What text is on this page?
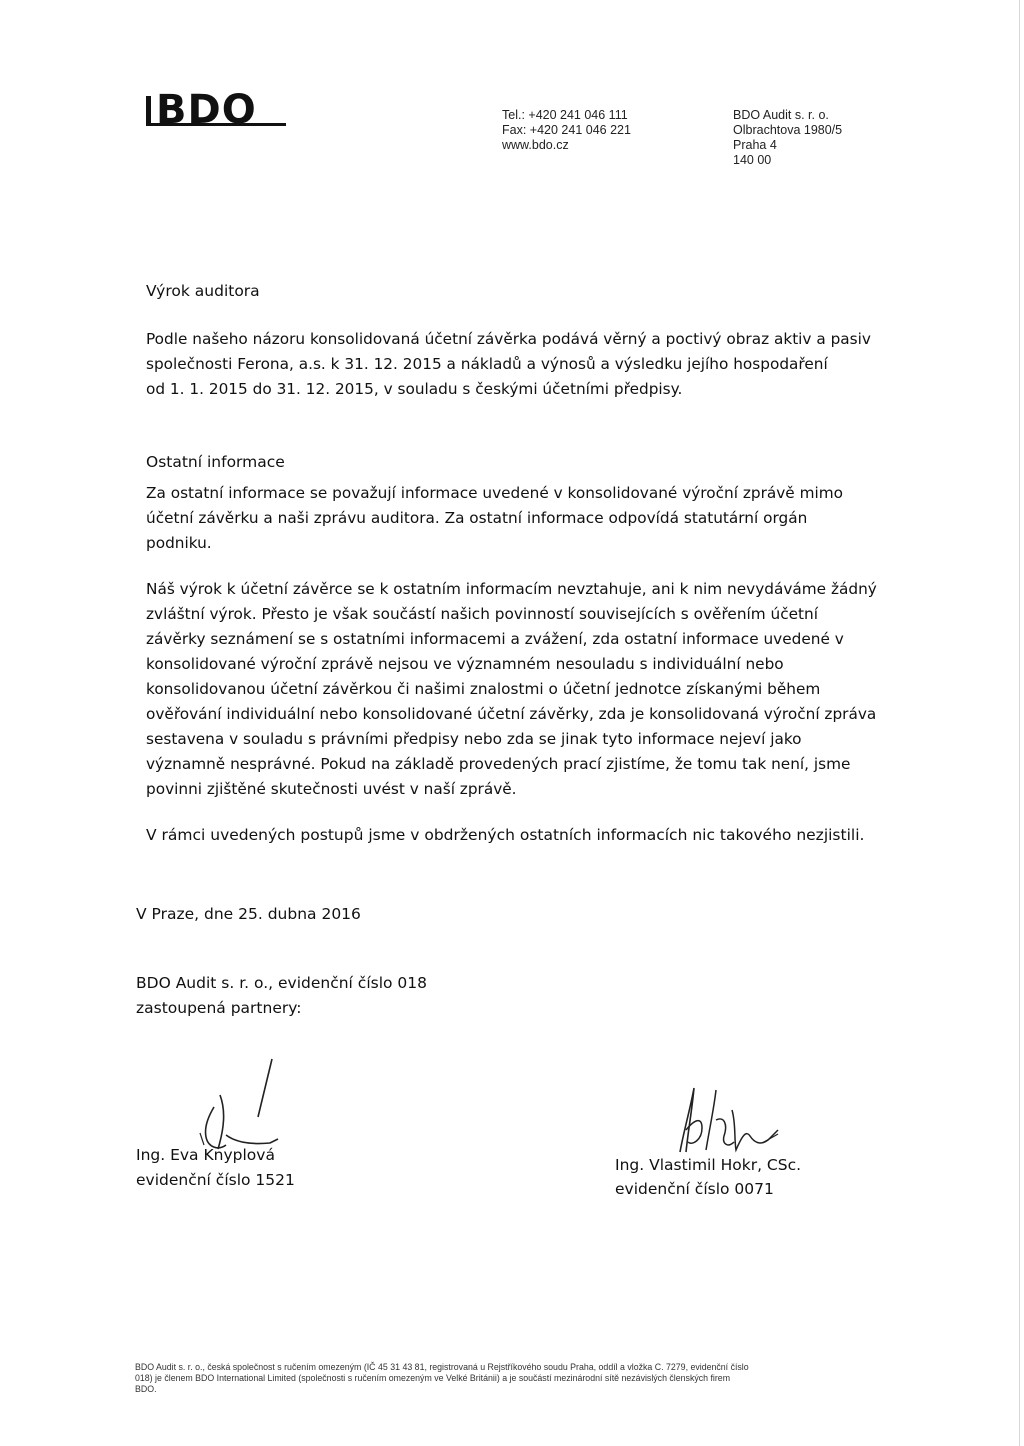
BDO	Tel.: +420 241 046 111
Fax: +420 241 046 221
www.bdo.cz
BDO Audit s. r. o.
Olbrachtova 1980/5
Praha 4
140 00
Výrok auditora
Podle našeho názoru konsolidovaná účetní závěrka podává věrný a poctivý obraz aktiv a pasiv
společnosti Ferona, a.s. k 31. 12. 2015 a nákladů a výnosů a výsledku jejího hospodaření
od 1. 1. 2015 do 31. 12. 2015, v souladu s českými účetními předpisy.
Ostatní informace
Za ostatní informace se považují informace uvedené v konsolidované výroční zprávě mimo
účetní závěrku a naši zprávu auditora. Za ostatní informace odpovídá statutární orgán
podniku.
Náš výrok k účetní závěrce se k ostatním informacím nevztahuje, ani k nim nevydáváme žádný
zvláštní výrok. Přesto je však součástí našich povinností souvisejících s ověřením účetní
závěrky seznámení se s ostatními informacemi a zvážení, zda ostatní informace uvedené v
konsolidované výroční zprávě nejsou ve významném nesouladu s individuální nebo
konsolidovanou účetní závěrkou či našimi znalostmi o účetní jednotce získanými během
ověřování individuální nebo konsolidované účetní závěrky, zda je konsolidovaná výroční zpráva
sestavena v souladu s právními předpisy nebo zda se jinak tyto informace nejeví jako
významně nesprávné. Pokud na základě provedených prací zjistíme, že tomu tak není, jsme
povinni zjištěné skutečnosti uvést v naší zprávě.
V rámci uvedených postupů jsme v obdržených ostatních informacích nic takového nezjistili.
V Praze, dne 25. dubna 2016
BDO Audit s. r. o., evidenční číslo 018
zastoupená partnery:
Ing. Eva Knyplová
evidenční číslo 1521
Ing. Vlastimil Hokr, CSc.
evidenční číslo 0071
BDO Audit s. r. o., česká společnost s ručením omezeným (IČ 45 31 43 81, registrovaná u Rejstříkového soudu Praha, oddíl a vložka C. 7279, evidenční číslo
018) je členem BDO International Limited (společnosti s ručením omezeným ve Velké Británii) a je součástí mezinárodní sítě nezávislých členských firem
BDO.
